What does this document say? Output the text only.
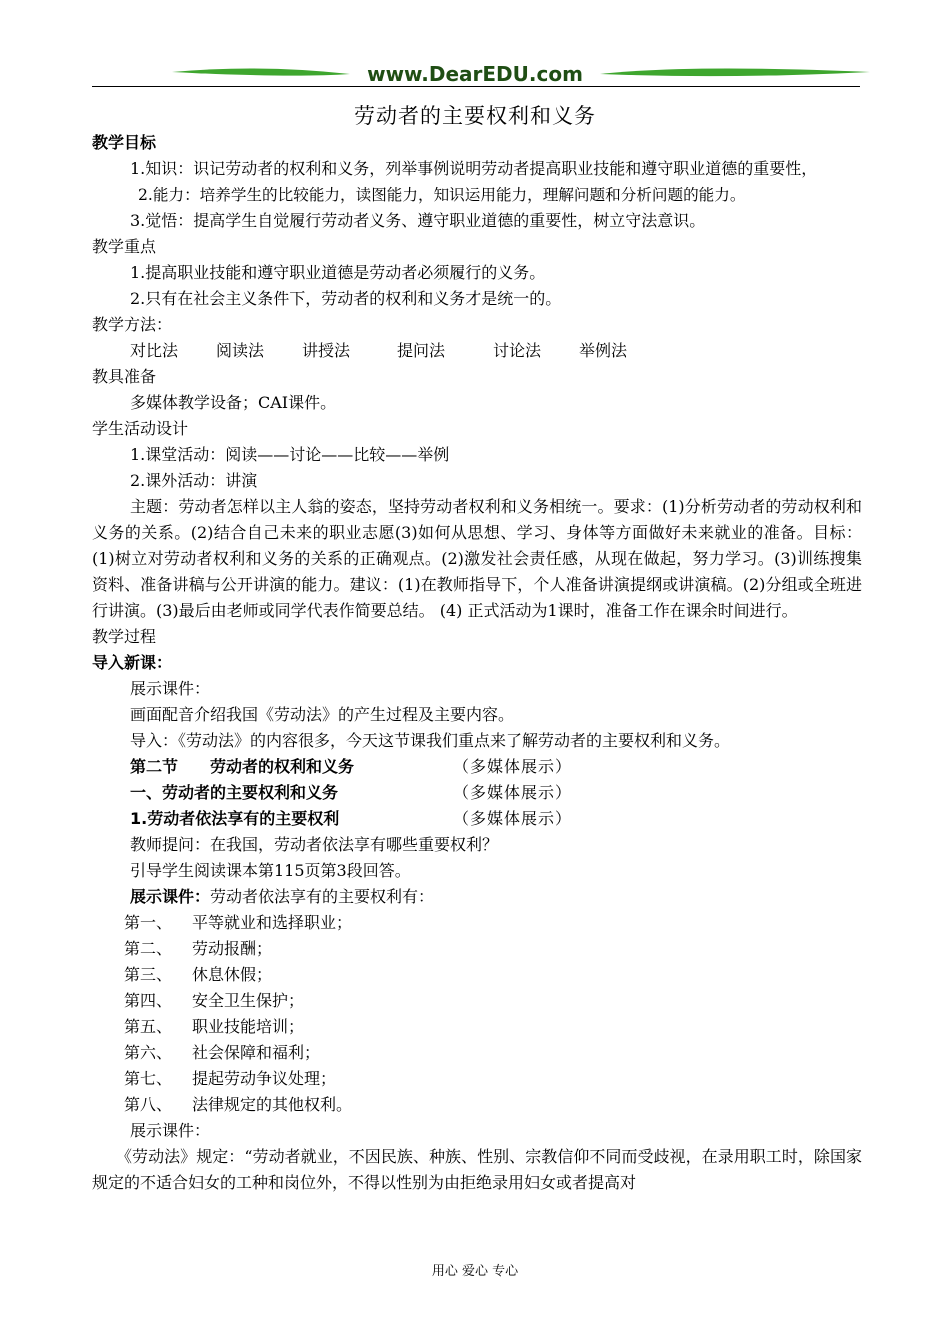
www.DearEDU.com
劳动者的主要权利和义务

教学目标

1.知识：识记劳动者的权利和义务，列举事例说明劳动者提高职业技能和遵守职业道德的重要性，

2.能力：培养学生的比较能力，读图能力，知识运用能力，理解问题和分析问题的能力。

3.觉悟：提高学生自觉履行劳动者义务、遵守职业道德的重要性，树立守法意识。

教学重点

1.提高职业技能和遵守职业道德是劳动者必须履行的义务。

2.只有在社会主义条件下，劳动者的权利和义务才是统一的。

教学方法：

对比法 阅读法 讲授法	提问法	讨论法 举例法

教具准备

多媒体教学设备；CAI课件。

学生活动设计

1.课堂活动：阅读——讨论——比较——举例

2.课外活动：讲演

主题：劳动者怎样以主人翁的姿态，坚持劳动者权利和义务相统一。要求：(1)分析劳动者的劳动权利和义务的关系。(2)结合自己未来的职业志愿(3)如何从思想、学习、身体等方面做好未来就业的准备。目标：(1)树立对劳动者权利和义务的关系的正确观点。(2)激发社会责任感，从现在做起，努力学习。(3)训练搜集资料、准备讲稿与公开讲演的能力。建议：(1)在教师指导下，个人准备讲演提纲或讲演稿。(2)分组或全班进行讲演。(3)最后由老师或同学代表作简要总结。 (4) 正式活动为1课时，准备工作在课余时间进行。

教学过程

导入新课：

展示课件：

画面配音介绍我国《劳动法》的产生过程及主要内容。

导入：《劳动法》的内容很多，今天这节课我们重点来了解劳动者的主要权利和义务。

第二节 劳动者的权利和义务	（多媒体展示）
一、劳动者的主要权利和义务	（多媒体展示）
1.劳动者依法享有的主要权利	（多媒体展示）

教师提问：在我国，劳动者依法享有哪些重要权利？

引导学生阅读课本第115页第3段回答。

展示课件：劳动者依法享有的主要权利有：

第一、	平等就业和选择职业；
第二、	劳动报酬；
第三、	休息休假；
第四、	安全卫生保护；
第五、	职业技能培训；
第六、	社会保障和福利；
第七、	提起劳动争议处理；
第八、	法律规定的其他权利。

展示课件：

《劳动法》规定：“劳动者就业，不因民族、种族、性别、宗教信仰不同而受歧视，在录用职工时，除国家规定的不适合妇女的工种和岗位外，不得以性别为由拒绝录用妇女或者提高对

用心 爱心 专心
